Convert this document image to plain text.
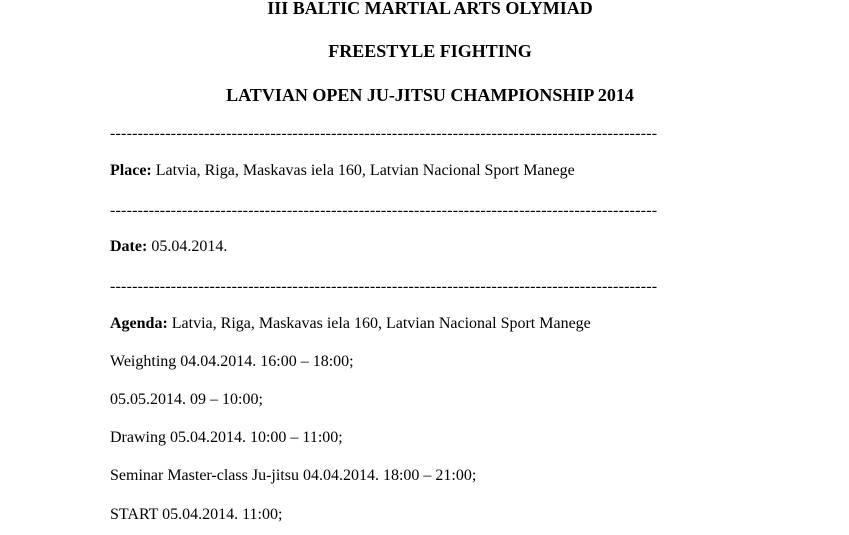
III BALTIC MARTIAL ARTS OLYMIAD
FREESTYLE FIGHTING
LATVIAN OPEN JU-JITSU CHAMPIONSHIP 2014
---------------------------------------------------------------------------------------------------
Place: Latvia, Riga, Maskavas iela 160, Latvian Nacional Sport Manege
---------------------------------------------------------------------------------------------------
Date: 05.04.2014.
---------------------------------------------------------------------------------------------------
Agenda: Latvia, Riga, Maskavas iela 160, Latvian Nacional Sport Manege
Weighting 04.04.2014. 16:00 – 18:00;
05.05.2014. 09 – 10:00;
Drawing 05.04.2014. 10:00 – 11:00;
Seminar Master-class Ju-jitsu 04.04.2014. 18:00 – 21:00;
START 05.04.2014. 11:00;
